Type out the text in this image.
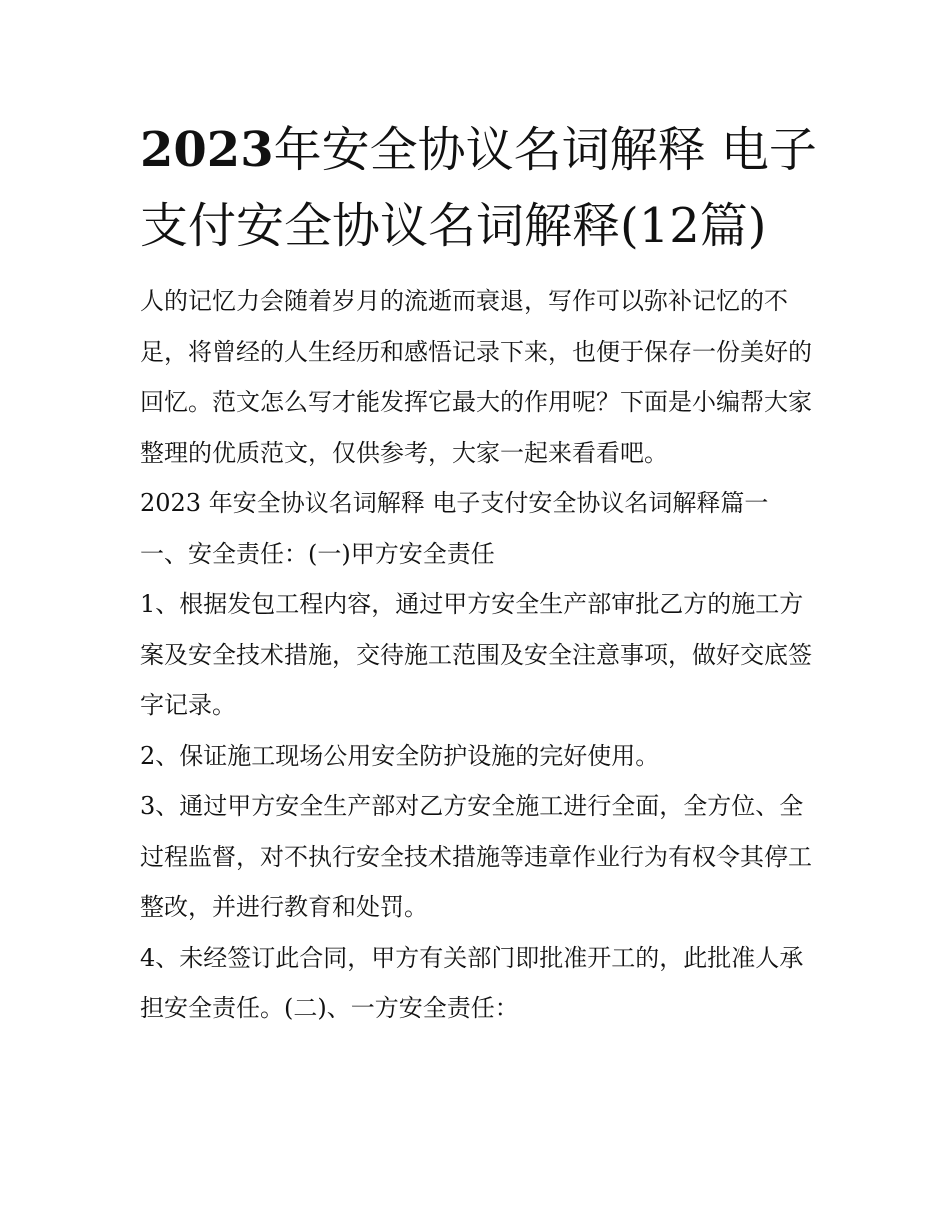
2023年安全协议名词解释 电子支付安全协议名词解释(12篇)

人的记忆力会随着岁月的流逝而衰退，写作可以弥补记忆的不足，将曾经的人生经历和感悟记录下来，也便于保存一份美好的回忆。范文怎么写才能发挥它最大的作用呢？下面是小编帮大家整理的优质范文，仅供参考，大家一起来看看吧。

2023 年安全协议名词解释 电子支付安全协议名词解释篇一

一、安全责任：(一)甲方安全责任

1、根据发包工程内容，通过甲方安全生产部审批乙方的施工方案及安全技术措施，交待施工范围及安全注意事项，做好交底签字记录。

2、保证施工现场公用安全防护设施的完好使用。

3、通过甲方安全生产部对乙方安全施工进行全面，全方位、全过程监督，对不执行安全技术措施等违章作业行为有权令其停工整改，并进行教育和处罚。

4、未经签订此合同，甲方有关部门即批准开工的，此批准人承担安全责任。(二)、一方安全责任：
